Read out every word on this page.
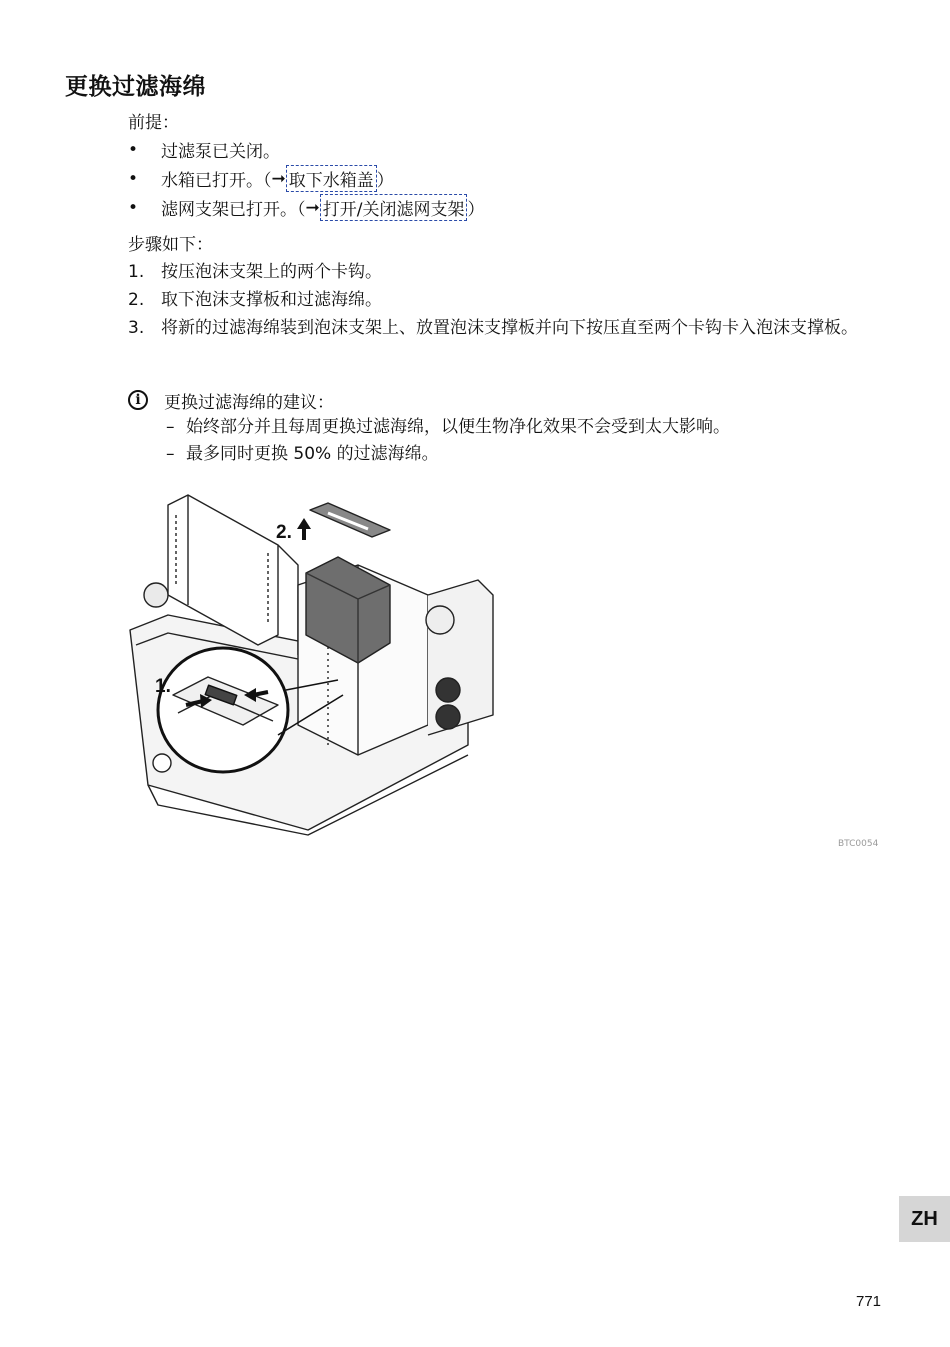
更换过滤海绵
前提：
•	过滤泵已关闭。
•	水箱已打开。（ ➞ 取下水箱盖 ）
•	滤网支架已打开。（ ➞ 打开/关闭滤网支架 ）
步骤如下：
1. 按压泡沫支架上的两个卡钩。
2. 取下泡沫支撑板和过滤海绵。
3. 将新的过滤海绵装到泡沫支架上、放置泡沫支撑板并向下按压直至两个卡钩卡入泡沫支撑板。
i	更换过滤海绵的建议：
– 始终部分并且每周更换过滤海绵，以便生物净化效果不会受到太大影响。
– 最多同时更换 50% 的过滤海绵。
2.
1.
BTC0054
ZH
771
